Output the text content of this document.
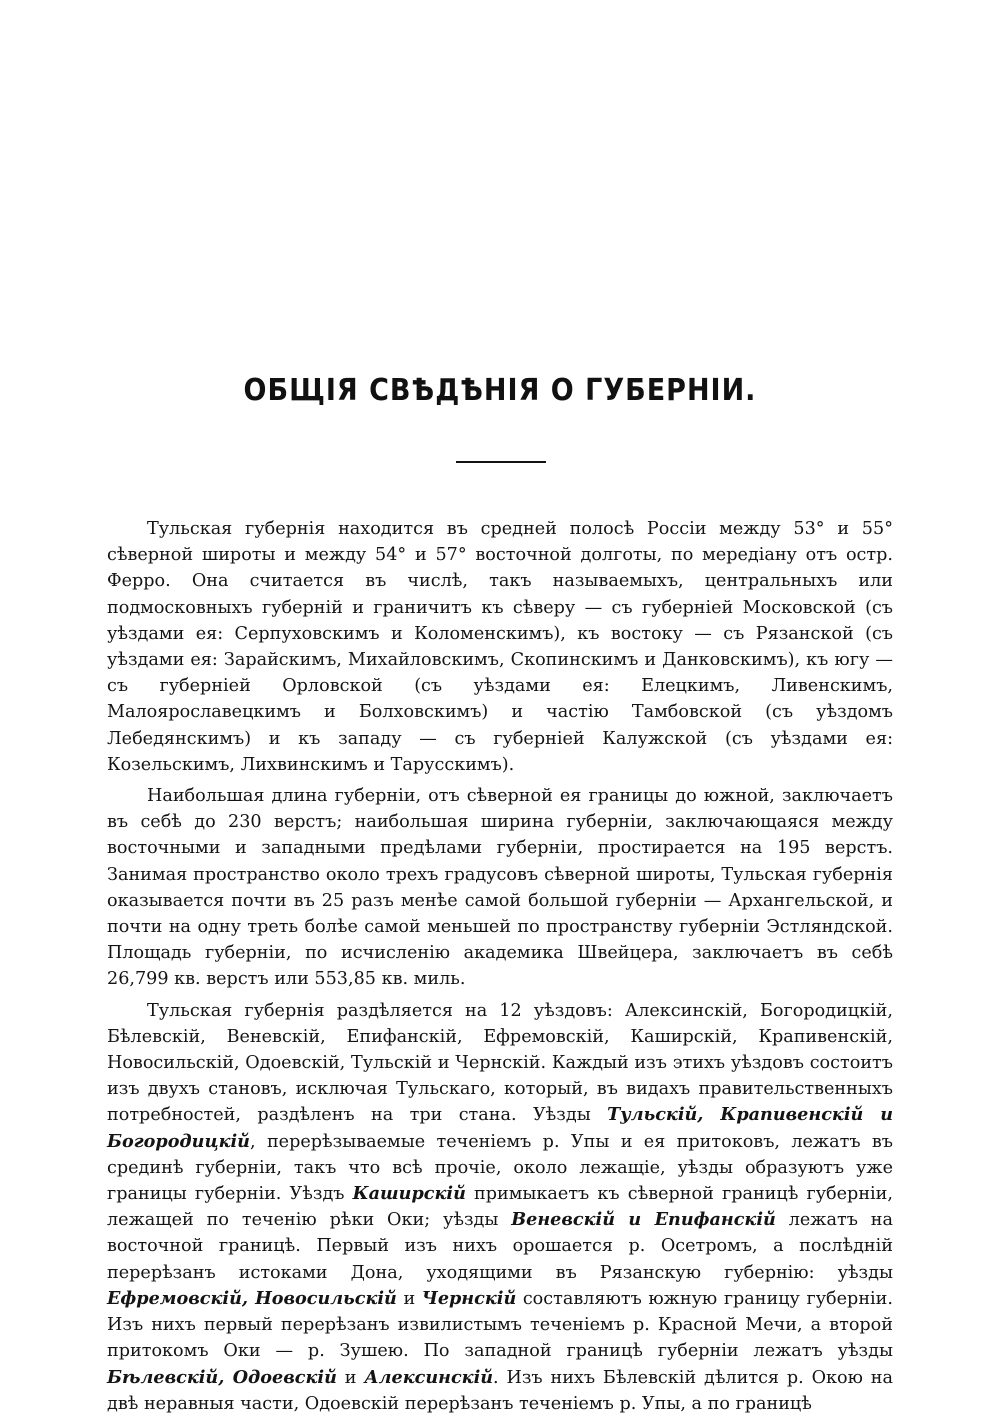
ОБЩІЯ СВѢДѢНІЯ О ГУБЕРНІИ.

Тульская губернія находится въ средней полосѣ Россіи между 53° и 55° сѣверной широты и между 54° и 57° восточной долготы, по мередіану отъ остр. Ферро. Она считается въ числѣ, такъ называемыхъ, центральныхъ или подмосковныхъ губерній и граничитъ къ сѣверу — съ губерніей Московской (съ уѣздами ея: Серпуховскимъ и Коломенскимъ), къ востоку — съ Рязанской (съ уѣздами ея: Зарайскимъ, Михайловскимъ, Скопинскимъ и Данковскимъ), къ югу — съ губерніей Орловской (съ уѣздами ея: Елецкимъ, Ливенскимъ, Малоярославецкимъ и Болховскимъ) и частію Тамбовской (съ уѣздомъ Лебедянскимъ) и къ западу — съ губерніей Калужской (съ уѣздами ея: Козельскимъ, Лихвинскимъ и Тарусскимъ).

Наибольшая длина губерніи, отъ сѣверной ея границы до южной, заключаетъ въ себѣ до 230 верстъ; наибольшая ширина губерніи, заключающаяся между восточными и западными предѣлами губерніи, простирается на 195 верстъ. Занимая пространство около трехъ градусовъ сѣверной широты, Тульская губернія оказывается почти въ 25 разъ менѣе самой большой губерніи — Архангельской, и почти на одну треть болѣе самой меньшей по пространству губерніи Эстляндской. Площадь губерніи, по исчисленію академика Швейцера, заключаетъ въ себѣ 26,799 кв. верстъ или 553,85 кв. миль.

Тульская губернія раздѣляется на 12 уѣздовъ: Алексинскій, Богородицкій, Бѣлевскій, Веневскій, Епифанскій, Ефремовскій, Каширскій, Крапивенскій, Новосильскій, Одоевскій, Тульскій и Чернскій. Каждый изъ этихъ уѣздовъ состоитъ изъ двухъ становъ, исключая Тульскаго, который, въ видахъ правительственныхъ потребностей, раздѣленъ на три стана. Уѣзды Тульскій, Крапивенскій и Богородицкій, перерѣзываемые теченіемъ р. Упы и ея притоковъ, лежатъ въ срединѣ губерніи, такъ что всѣ прочіе, около лежащіе, уѣзды образуютъ уже границы губерніи. Уѣздъ Каширскій примыкаетъ къ сѣверной границѣ губерніи, лежащей по теченію рѣки Оки; уѣзды Веневскій и Епифанскій лежатъ на восточной границѣ. Первый изъ нихъ орошается р. Осетромъ, а послѣдній перерѣзанъ истоками Дона, уходящими въ Рязанскую губернію: уѣзды Ефремовскій, Новосильскій и Чернскій составляютъ южную границу губерніи. Изъ нихъ первый перерѣзанъ извилистымъ теченіемъ р. Красной Мечи, а второй притокомъ Оки — р. Зушею. По западной границѣ губерніи лежатъ уѣзды Бѣлевскій, Одоевскій и Алексинскій. Изъ нихъ Бѣлевскій дѣлится р. Окою на двѣ неравныя части, Одоевскій перерѣзанъ теченіемъ р. Упы, а по границѣ
